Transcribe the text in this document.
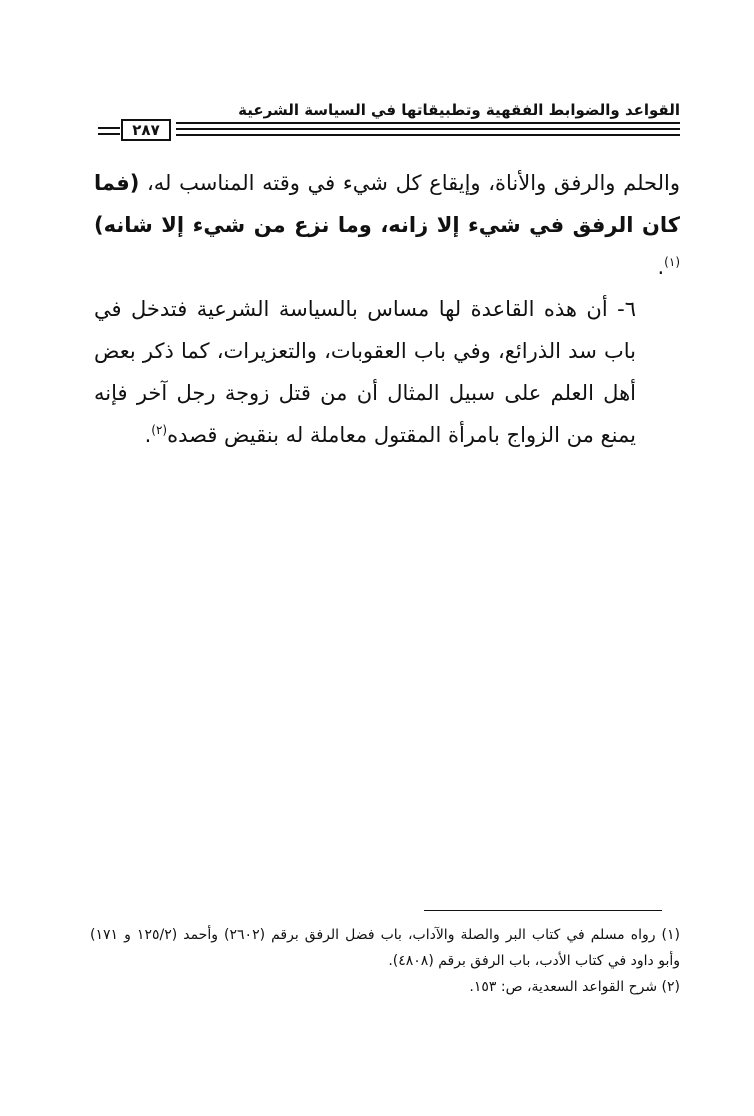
القواعد والضوابط الفقهية وتطبيقاتها في السياسة الشرعية
٢٨٧

والحلم والرفق والأناة، وإيقاع كل شيء في وقته المناسب له، (فما كان الرفق في شيء إلا زانه، وما نزع من شيء إلا شانه)$^{(١)}$.

٦- أن هذه القاعدة لها مساس بالسياسة الشرعية فتدخل في باب سد الذرائع، وفي باب العقوبات، والتعزيرات، كما ذكر بعض أهل العلم على سبيل المثال أن من قتل زوجة رجل آخر فإنه يمنع من الزواج بامرأة المقتول معاملة له بنقيض قصده$^{(٢)}$.

(١) رواه مسلم في كتاب البر والصلة والآداب، باب فضل الرفق برقم (٢٦٠٢) وأحمد (١٢٥/٢ و ١٧١) وأبو داود في كتاب الأدب، باب الرفق برقم (٤٨٠٨).

(٢) شرح القواعد السعدية، ص: ١٥٣.
